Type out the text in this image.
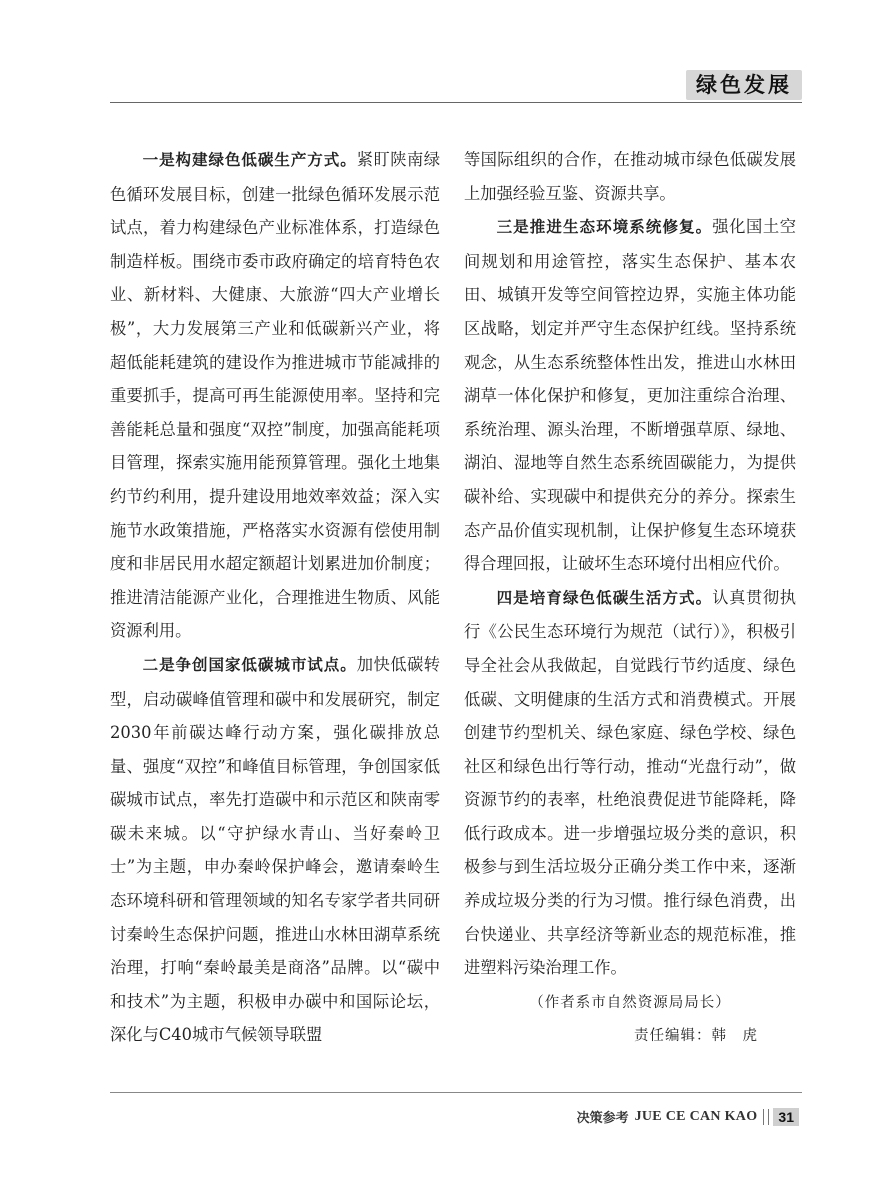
绿色发展

一是构建绿色低碳生产方式。紧盯陕南绿色循环发展目标，创建一批绿色循环发展示范试点，着力构建绿色产业标准体系，打造绿色制造样板。围绕市委市政府确定的培育特色农业、新材料、大健康、大旅游“四大产业增长极”，大力发展第三产业和低碳新兴产业，将超低能耗建筑的建设作为推进城市节能减排的重要抓手，提高可再生能源使用率。坚持和完善能耗总量和强度“双控”制度，加强高能耗项目管理，探索实施用能预算管理。强化土地集约节约利用，提升建设用地效率效益；深入实施节水政策措施，严格落实水资源有偿使用制度和非居民用水超定额超计划累进加价制度；推进清洁能源产业化，合理推进生物质、风能资源利用。

二是争创国家低碳城市试点。加快低碳转型，启动碳峰值管理和碳中和发展研究，制定2030年前碳达峰行动方案，强化碳排放总量、强度“双控”和峰值目标管理，争创国家低碳城市试点，率先打造碳中和示范区和陕南零碳未来城。以“守护绿水青山、当好秦岭卫士”为主题，申办秦岭保护峰会，邀请秦岭生态环境科研和管理领域的知名专家学者共同研讨秦岭生态保护问题，推进山水林田湖草系统治理，打响“秦岭最美是商洛”品牌。以“碳中和技术”为主题，积极申办碳中和国际论坛，深化与C40城市气候领导联盟

等国际组织的合作，在推动城市绿色低碳发展上加强经验互鉴、资源共享。

三是推进生态环境系统修复。强化国土空间规划和用途管控，落实生态保护、基本农田、城镇开发等空间管控边界，实施主体功能区战略，划定并严守生态保护红线。坚持系统观念，从生态系统整体性出发，推进山水林田湖草一体化保护和修复，更加注重综合治理、系统治理、源头治理，不断增强草原、绿地、湖泊、湿地等自然生态系统固碳能力，为提供碳补给、实现碳中和提供充分的养分。探索生态产品价值实现机制，让保护修复生态环境获得合理回报，让破坏生态环境付出相应代价。

四是培育绿色低碳生活方式。认真贯彻执行《公民生态环境行为规范（试行）》，积极引导全社会从我做起，自觉践行节约适度、绿色低碳、文明健康的生活方式和消费模式。开展创建节约型机关、绿色家庭、绿色学校、绿色社区和绿色出行等行动，推动“光盘行动”，做资源节约的表率，杜绝浪费促进节能降耗，降低行政成本。进一步增强垃圾分类的意识，积极参与到生活垃圾分正确分类工作中来，逐渐养成垃圾分类的行为习惯。推行绿色消费，出台快递业、共享经济等新业态的规范标准，推进塑料污染治理工作。

（作者系市自然资源局局长）

责任编辑：韩　虎

决策参考 JUE CE CAN KAO	31
